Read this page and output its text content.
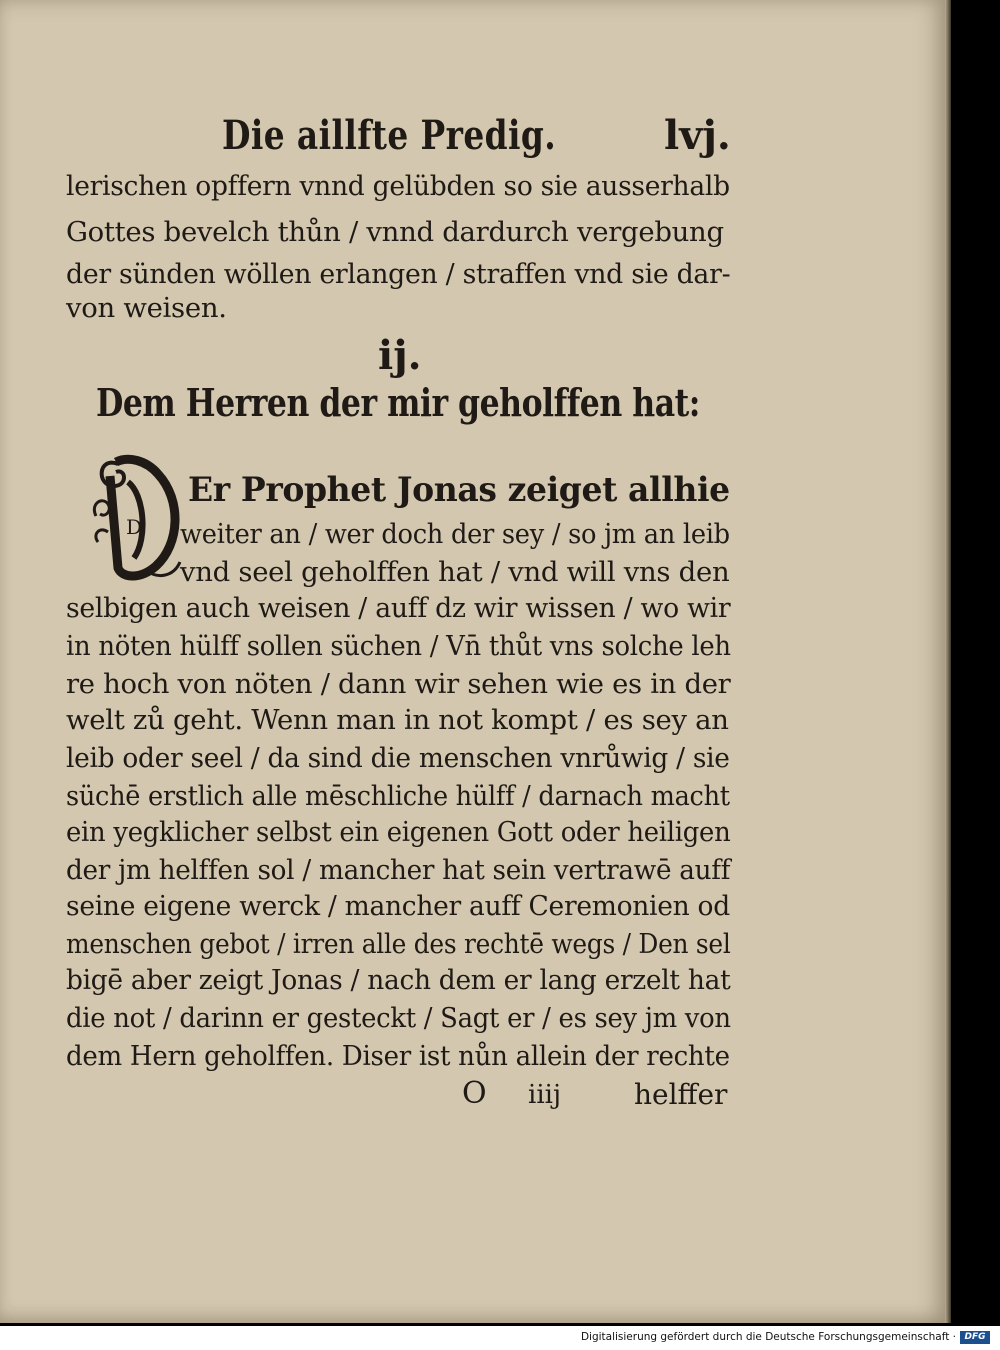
Die aillfte Predig.	lvj.
lerischen opffern vnnd gelübden so sie ausserhalb
Gottes bevelch thůn / vnnd dardurch vergebung
der sünden wöllen erlangen / straffen vnd sie dar-
von weisen.
ij.
Dem Herren der mir geholffen hat:
D
Er Prophet Jonas zeiget allhie
weiter an / wer doch der sey / so jm an leib
vnd seel geholffen hat / vnd will vns den
selbigen auch weisen / auff dz wir wissen / wo wir
in nöten hülff sollen süchen / Vn̄ thůt vns solche leh
re hoch von nöten / dann wir sehen wie es in der
welt zů geht. Wenn man in not kompt / es sey an
leib oder seel / da sind die menschen vnrůwig / sie
süchē erstlich alle mēschliche hülff / darnach macht
ein yegklicher selbst ein eigenen Gott oder heiligen
der jm helffen sol / mancher hat sein vertrawē auff
seine eigene werck / mancher auff Ceremonien od
menschen gebot / irren alle des rechtē wegs / Den sel
bigē aber zeigt Jonas / nach dem er lang erzelt hat
die not / darinn er gesteckt / Sagt er / es sey jm von
dem Hern geholffen. Diser ist nůn allein der rechte
O iiij	helffer
Digitalisierung gefördert durch die Deutsche Forschungsgemeinschaft · DFG
